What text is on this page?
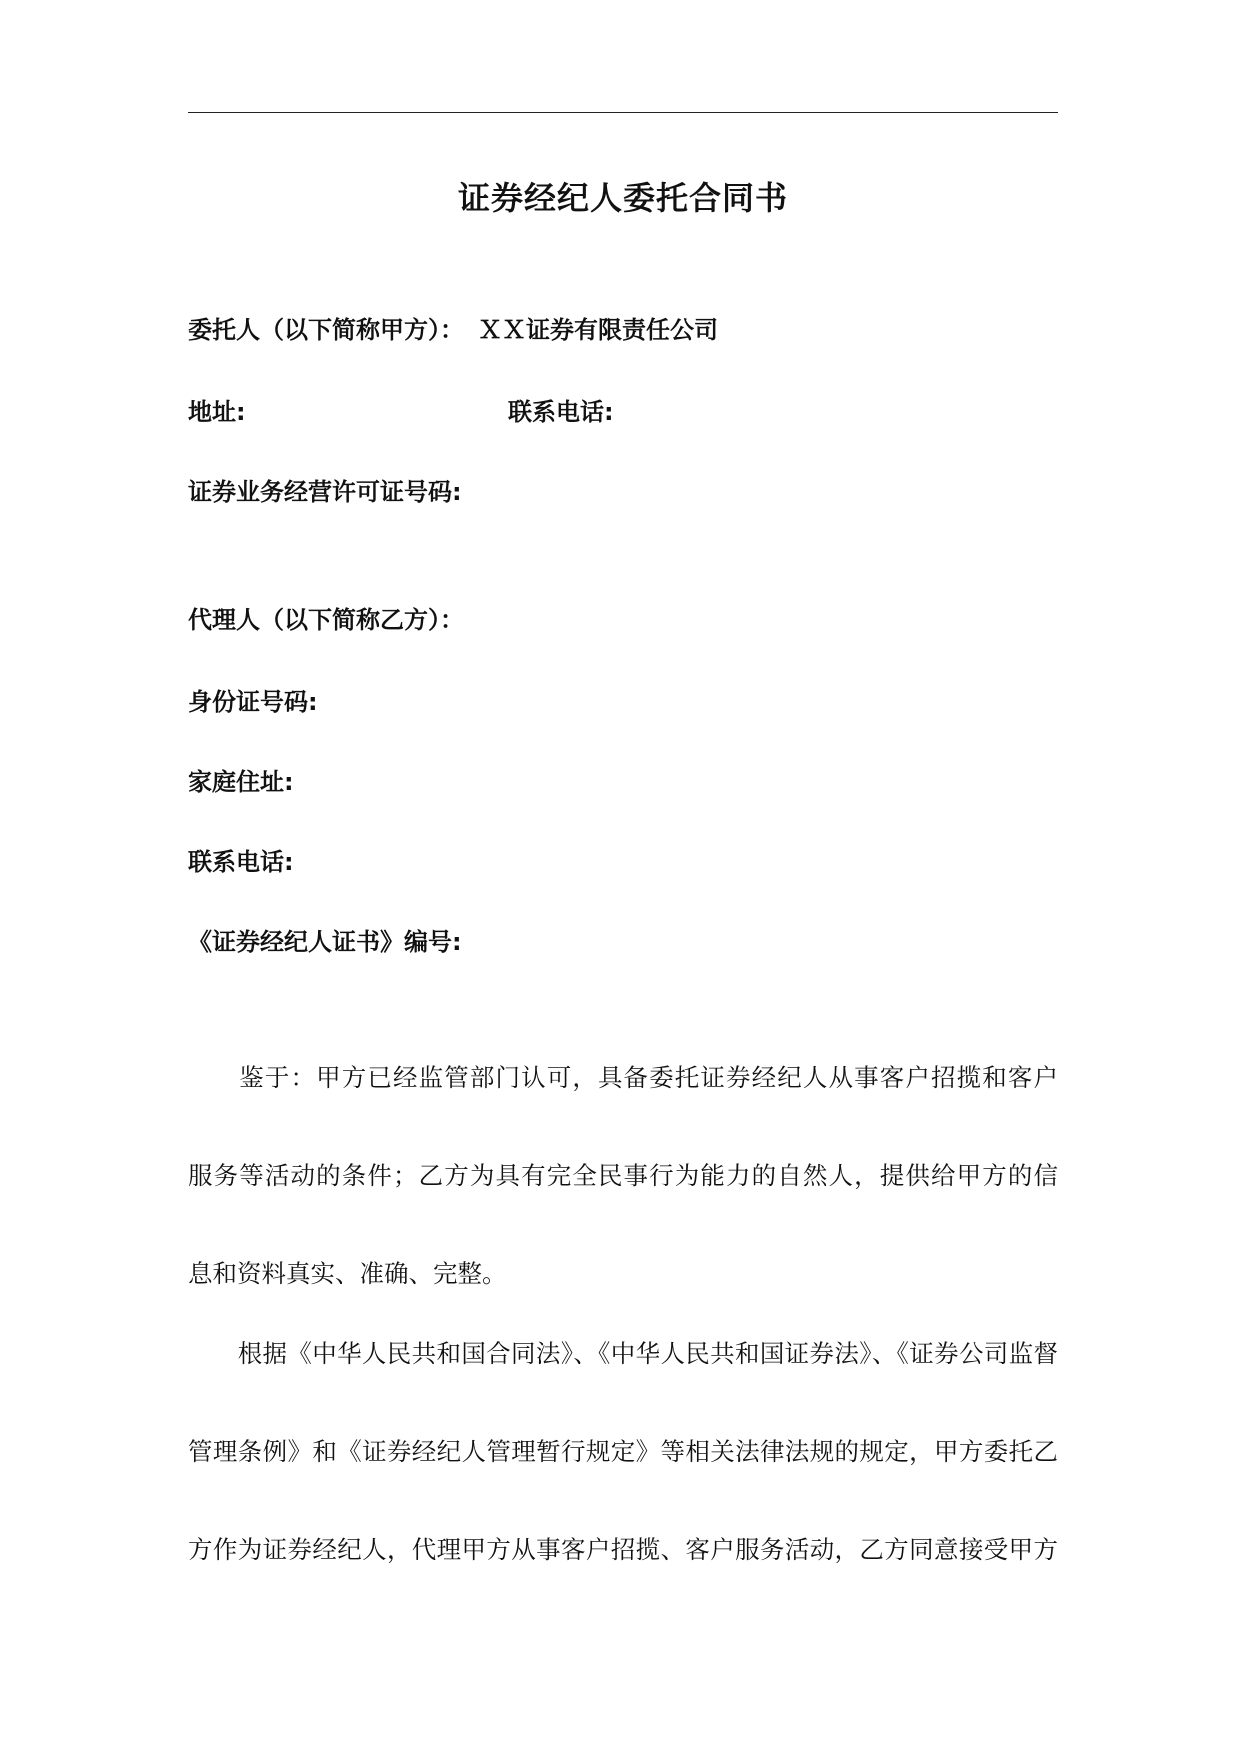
证券经纪人委托合同书
委托人（以下简称甲方）： ＸＸ证券有限责任公司
地址:	联系电话:
证券业务经营许可证号码:
代理人（以下简称乙方）：
身份证号码:
家庭住址:
联系电话:
《证券经纪人证书》编号:
　　鉴于：甲方已经监管部门认可，具备委托证券经纪人从事客户招揽和客户
服务等活动的条件；乙方为具有完全民事行为能力的自然人，提供给甲方的信
息和资料真实、准确、完整。
　　根据《中华人民共和国合同法》、《中华人民共和国证券法》、《证券公司监督
管理条例》和《证券经纪人管理暂行规定》等相关法律法规的规定，甲方委托乙
方作为证券经纪人，代理甲方从事客户招揽、客户服务活动，乙方同意接受甲方
